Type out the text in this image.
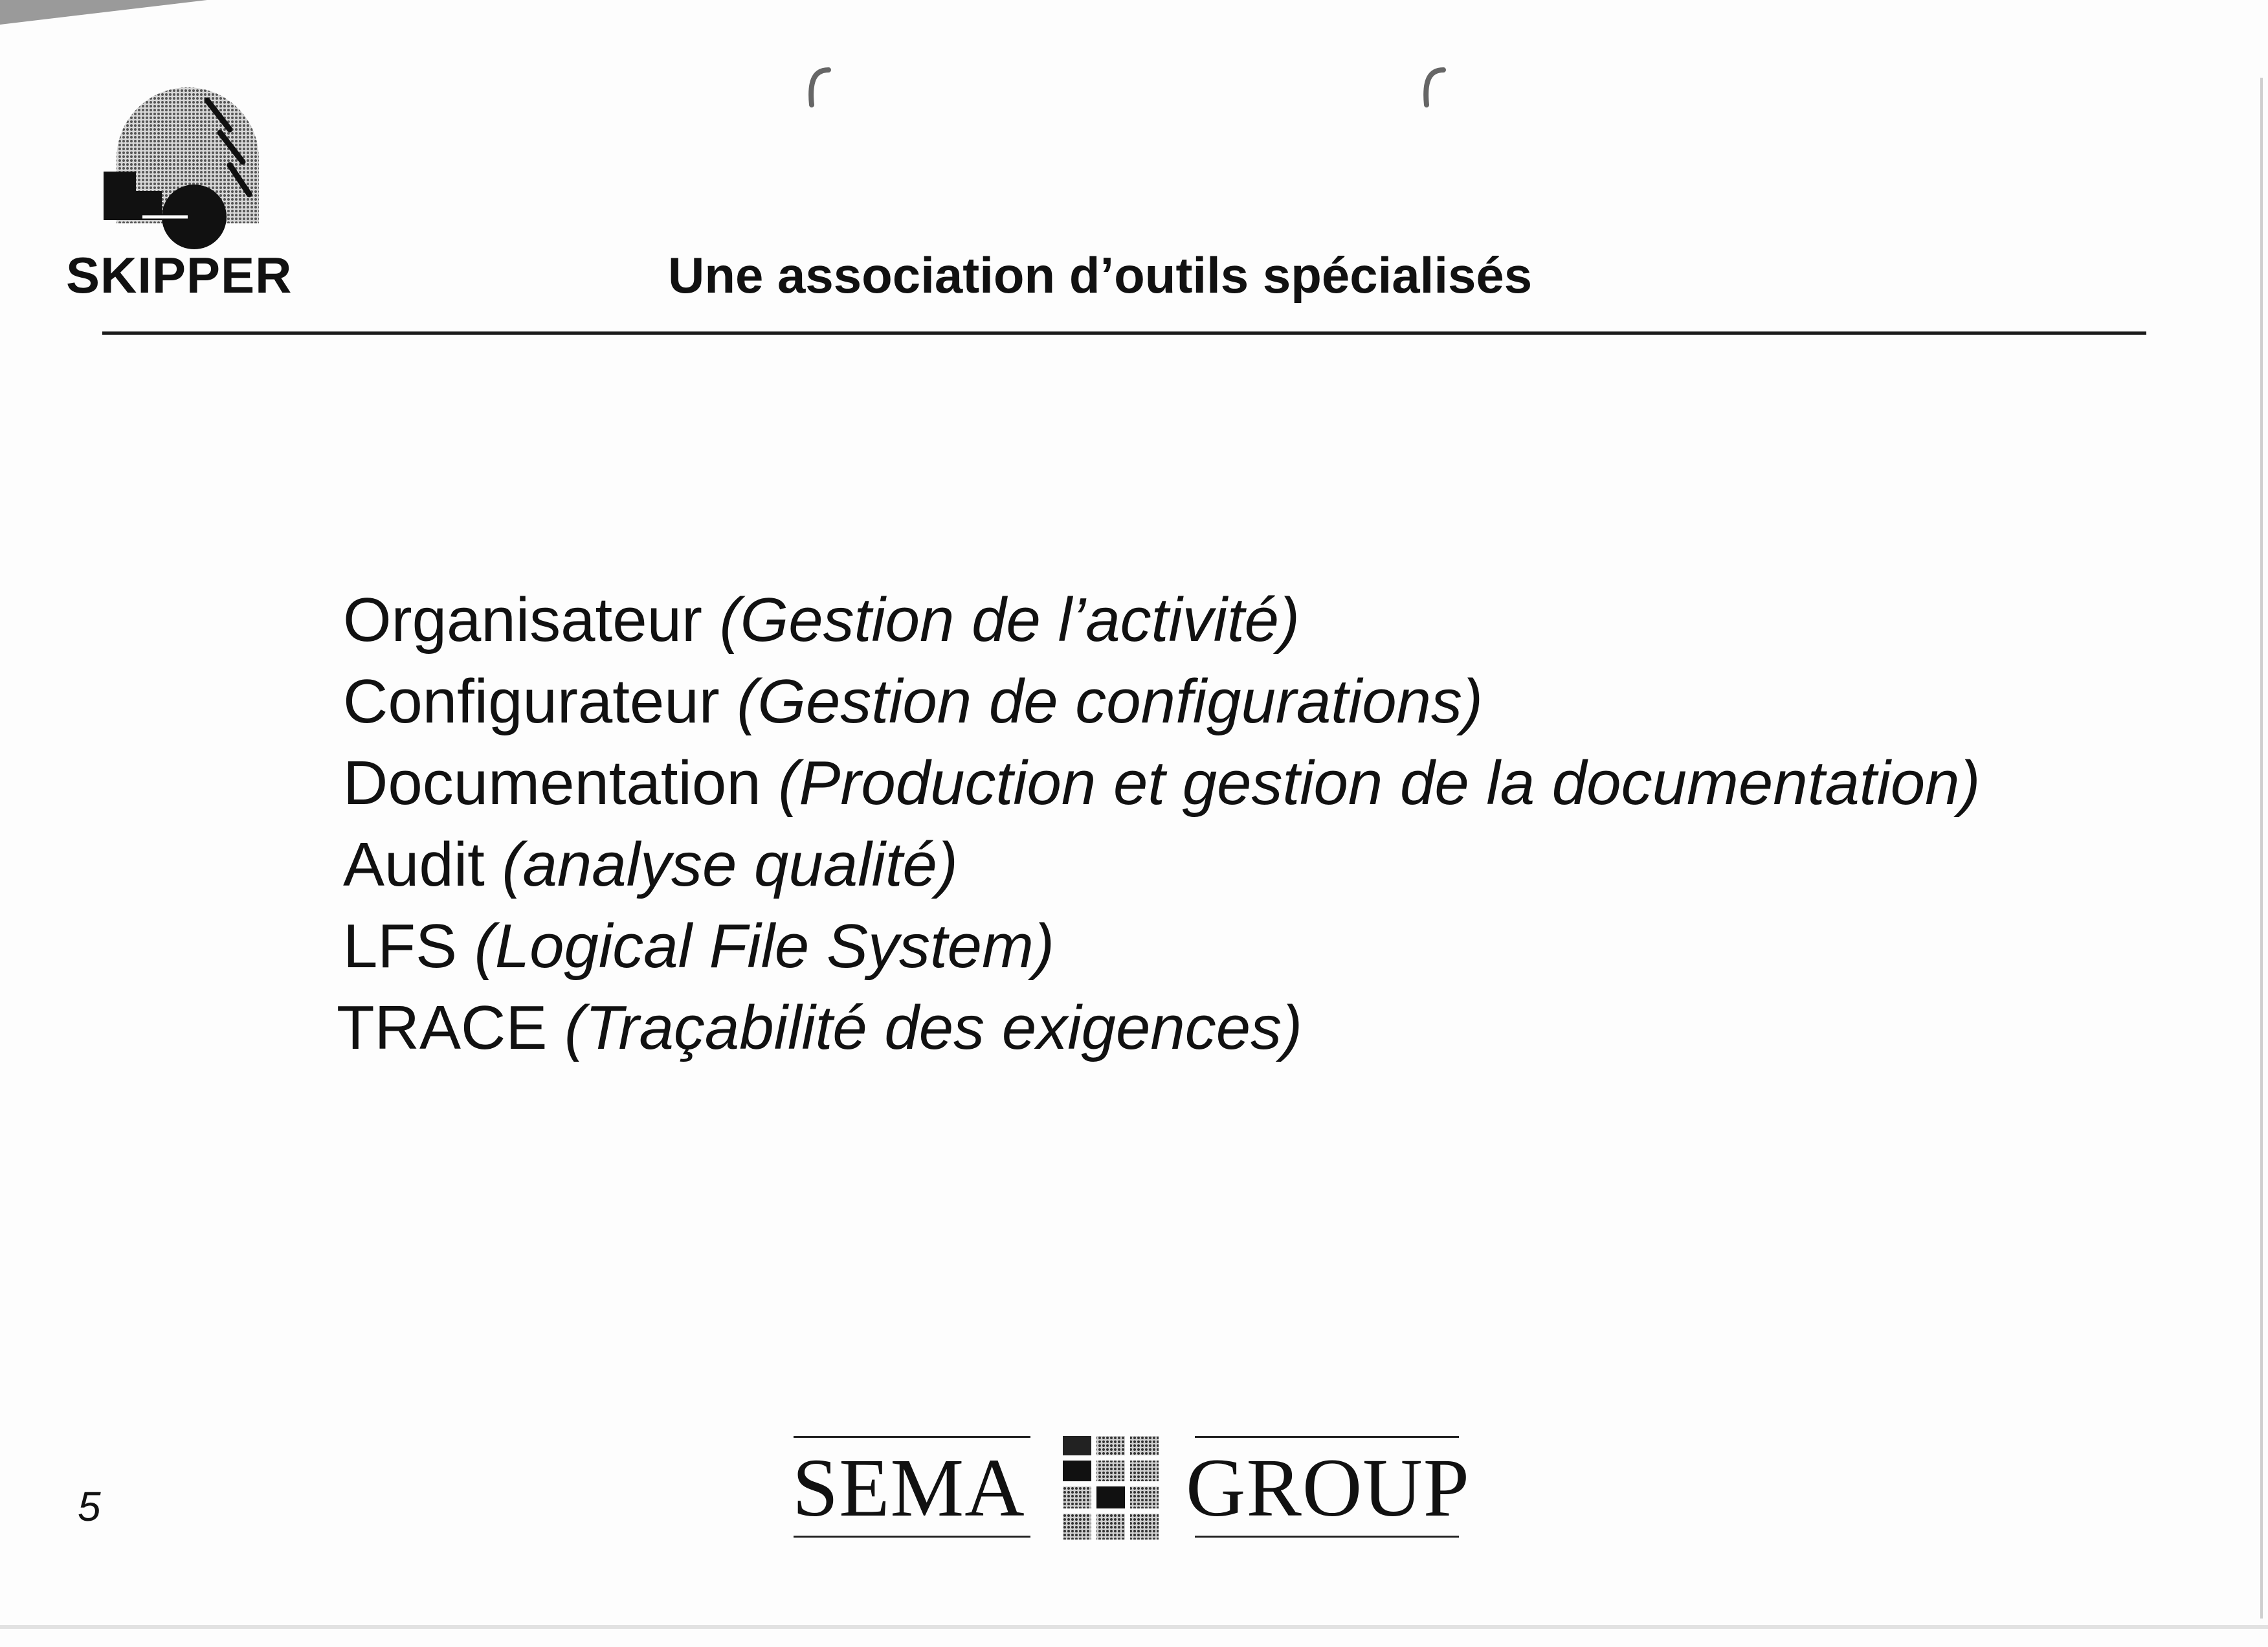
SKIPPER	Une association d’outils spécialisés
Organisateur (Gestion de l’activité)
Configurateur (Gestion de configurations)
Documentation (Production et gestion de la documentation)
Audit (analyse qualité)
LFS (Logical File System)
TRACE (Traçabilité des exigences)
5	SEMA GROUP
